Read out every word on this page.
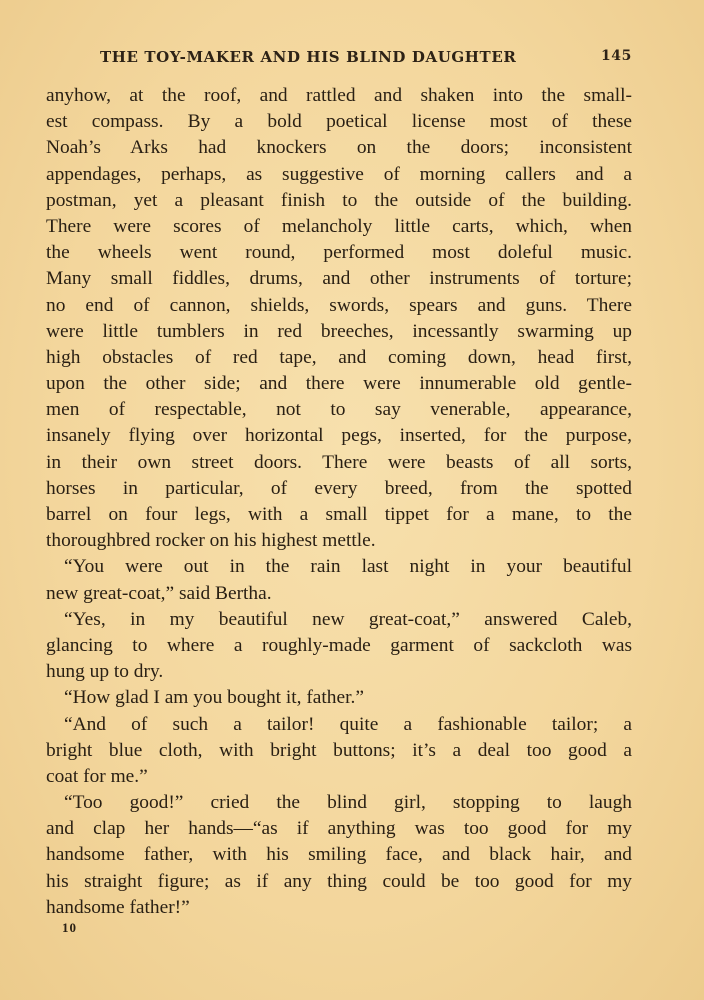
THE TOY-MAKER AND HIS BLIND DAUGHTER	145
anyhow, at the roof, and rattled and shaken into the small-
est compass. By a bold poetical license most of these
Noah’s Arks had knockers on the doors; inconsistent
appendages, perhaps, as suggestive of morning callers and a
postman, yet a pleasant finish to the outside of the building.
There were scores of melancholy little carts, which, when
the wheels went round, performed most doleful music.
Many small fiddles, drums, and other instruments of torture;
no end of cannon, shields, swords, spears and guns. There
were little tumblers in red breeches, incessantly swarming up
high obstacles of red tape, and coming down, head first,
upon the other side; and there were innumerable old gentle-
men of respectable, not to say venerable, appearance,
insanely flying over horizontal pegs, inserted, for the purpose,
in their own street doors. There were beasts of all sorts,
horses in particular, of every breed, from the spotted
barrel on four legs, with a small tippet for a mane, to the
thoroughbred rocker on his highest mettle.
“You were out in the rain last night in your beautiful
new great-coat,” said Bertha.
“Yes, in my beautiful new great-coat,” answered Caleb,
glancing to where a roughly-made garment of sackcloth was
hung up to dry.
“How glad I am you bought it, father.”
“And of such a tailor! quite a fashionable tailor; a
bright blue cloth, with bright buttons; it’s a deal too good a
coat for me.”
“Too good!” cried the blind girl, stopping to laugh
and clap her hands—“as if anything was too good for my
handsome father, with his smiling face, and black hair, and
his straight figure; as if any thing could be too good for my
handsome father!”
10
